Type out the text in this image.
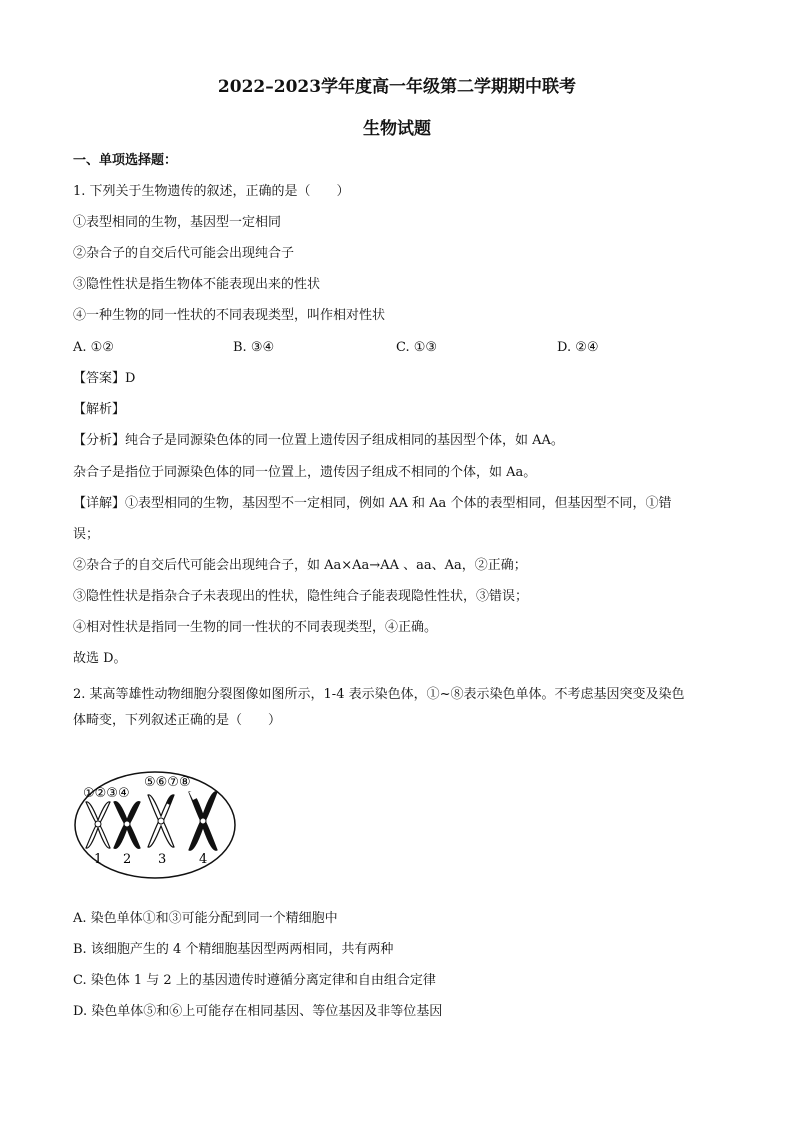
2022–2023学年度高一年级第二学期期中联考
生物试题
一、单项选择题：
1. 下列关于生物遗传的叙述，正确的是（　　）
①表型相同的生物，基因型一定相同
②杂合子的自交后代可能会出现纯合子
③隐性性状是指生物体不能表现出来的性状
④一种生物的同一性状的不同表现类型，叫作相对性状
A. ①②	B. ③④	C. ①③	D. ②④
【答案】D
【解析】
【分析】纯合子是同源染色体的同一位置上遗传因子组成相同的基因型个体，如 AA。
杂合子是指位于同源染色体的同一位置上，遗传因子组成不相同的个体，如 Aa。
【详解】①表型相同的生物，基因型不一定相同，例如 AA 和 Aa 个体的表型相同，但基因型不同，①错
误；
②杂合子的自交后代可能会出现纯合子，如 Aa×Aa→AA 、aa、Aa，②正确；
③隐性性状是指杂合子未表现出的性状，隐性纯合子能表现隐性性状，③错误；
④相对性状是指同一生物的同一性状的不同表现类型，④正确。
故选 D。
2. 某高等雄性动物细胞分裂图像如图所示，1-4 表示染色体，①~⑧表示染色单体。不考虑基因突变及染色
体畸变，下列叙述正确的是（　　）
①②③④
⑤⑥⑦⑧
1 2 3	4
A. 染色单体①和③可能分配到同一个精细胞中
B. 该细胞产生的 4 个精细胞基因型两两相同，共有两种
C. 染色体 1 与 2 上的基因遗传时遵循分离定律和自由组合定律
D. 染色单体⑤和⑥上可能存在相同基因、等位基因及非等位基因
